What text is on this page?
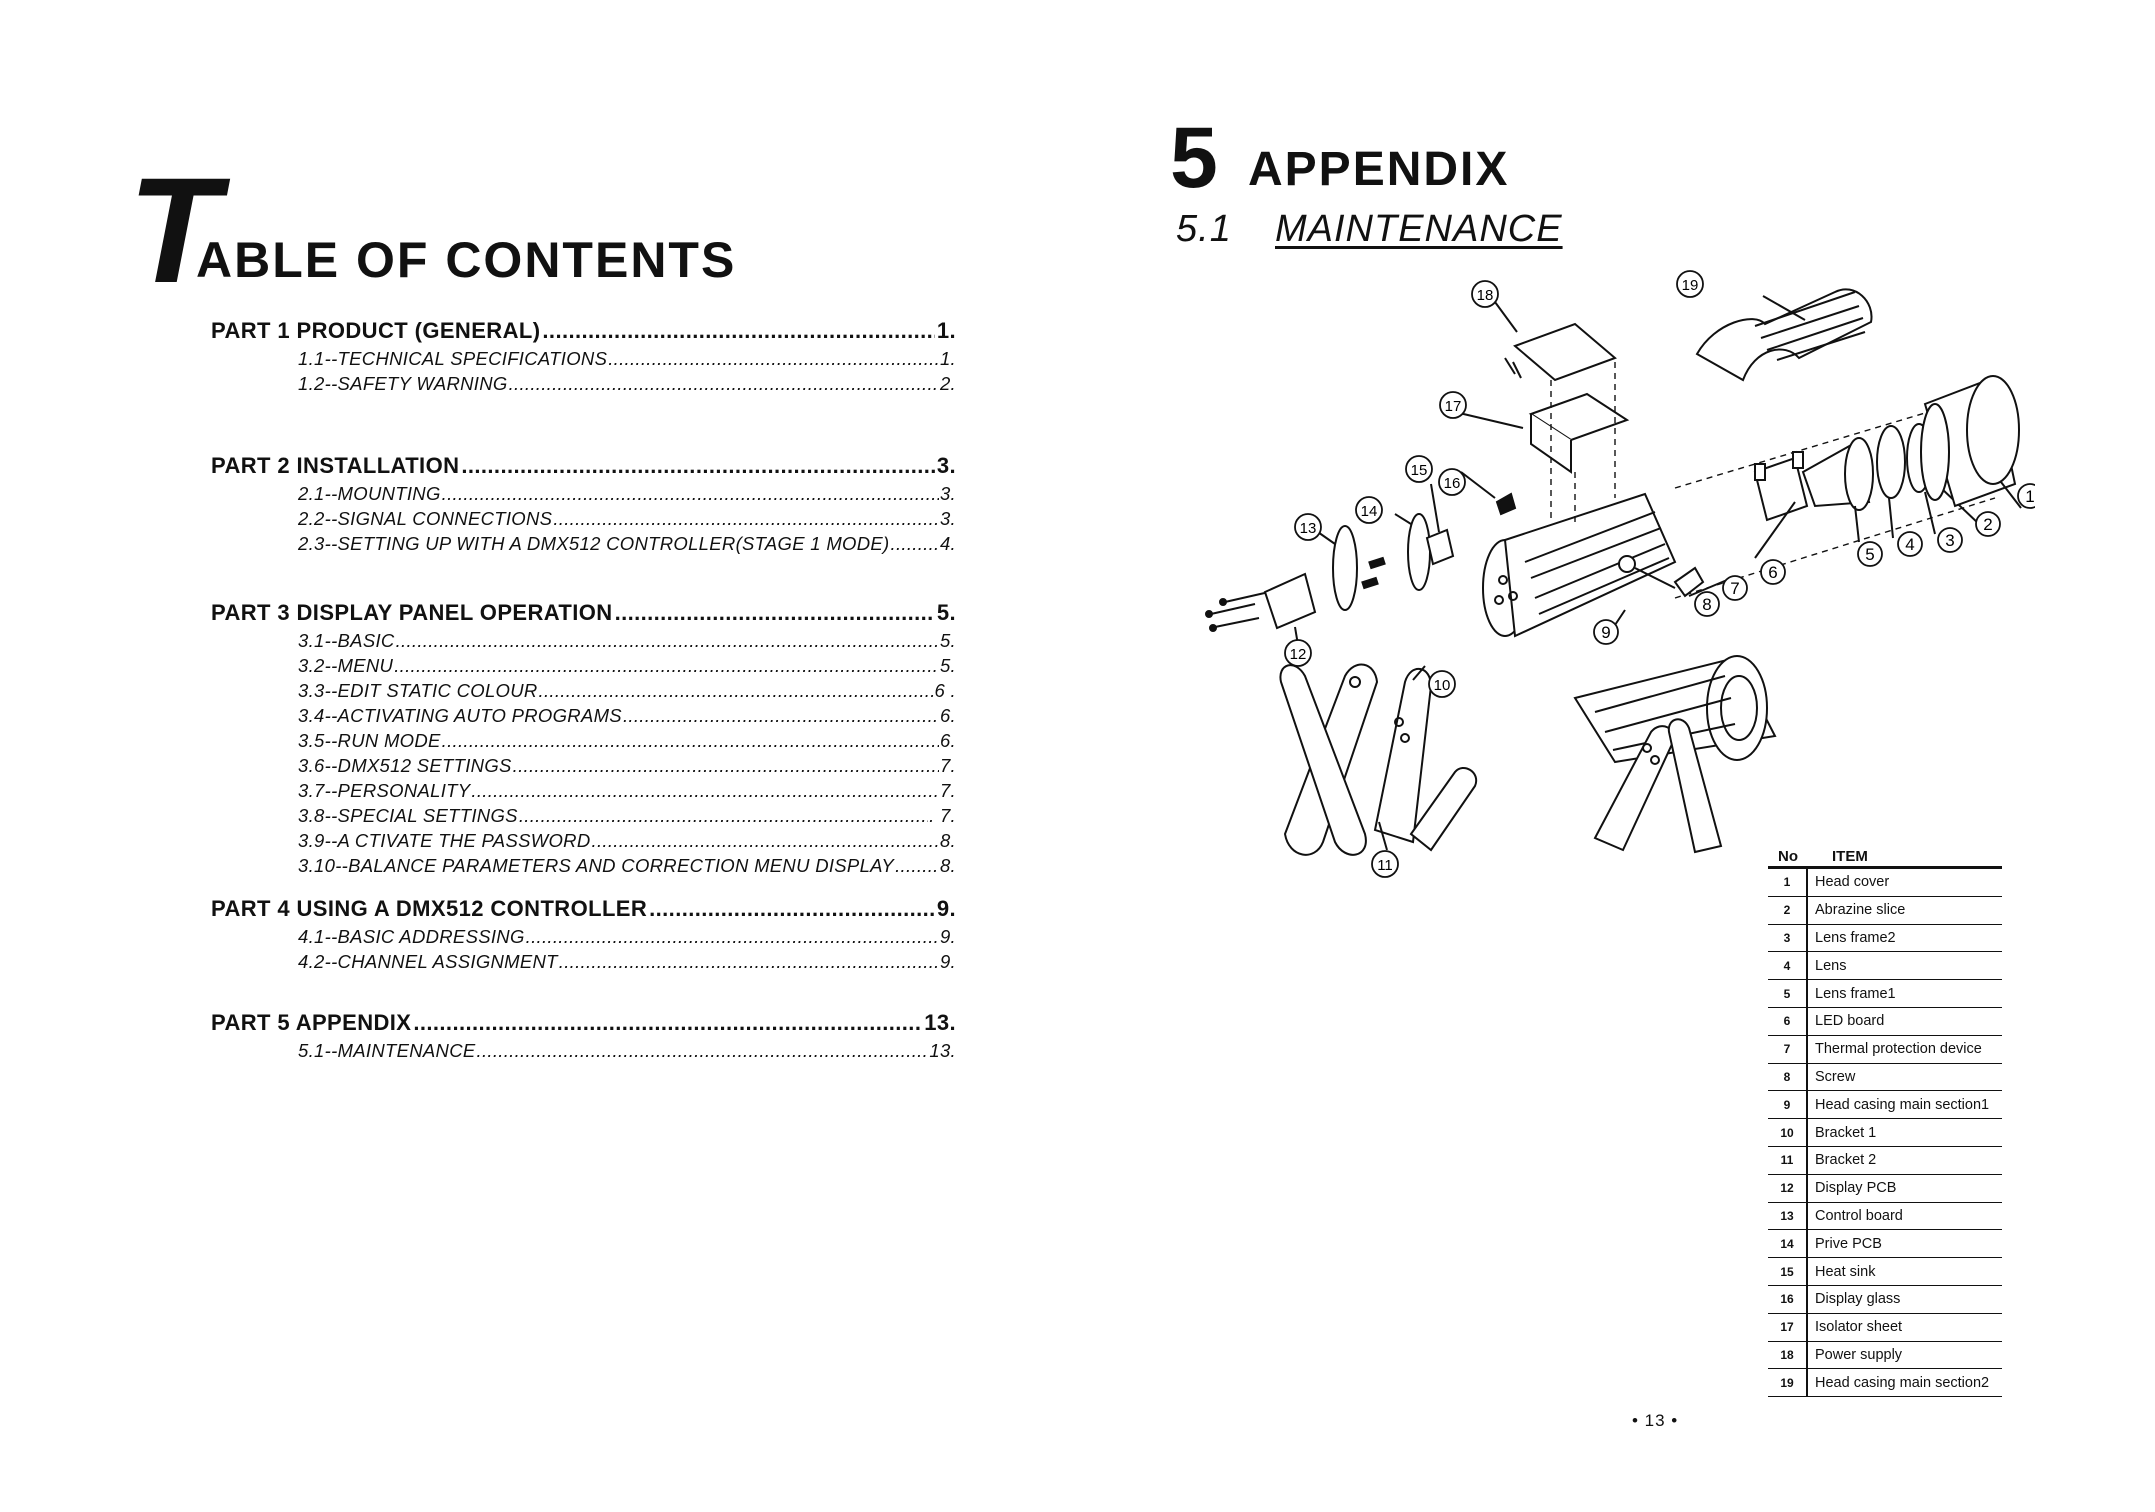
T
ABLE OF CONTENTS
PART 1 PRODUCT (GENERAL) .....	1.
1.1--TECHNICAL SPECIFICATIONS .....	1.
1.2--SAFETY WARNING .....	2.
PART 2 INSTALLATION .....	3.
2.1--MOUNTING .....	3.
2.2--SIGNAL CONNECTIONS .....	3.
2.3--SETTING UP WITH A DMX512 CONTROLLER(STAGE 1 MODE) .....	4.
PART 3 DISPLAY PANEL OPERATION .....	5.
3.1--BASIC .....	5.
3.2--MENU .....	5.
3.3--EDIT STATIC COLOUR .....	6 .
3.4--ACTIVATING AUTO PROGRAMS .....	6.
3.5--RUN MODE .....	6.
3.6--DMX512 SETTINGS .....	7.
3.7--PERSONALITY .....	7.
3.8--SPECIAL SETTINGS .....	. 7.
3.9--A CTIVATE THE PASSWORD .....	.8.
3.10--BALANCE PARAMETERS AND CORRECTION MENU DISPLAY ..... 8.
PART 4 USING A DMX512 CONTROLLER .....	9.
4.1--BASIC ADDRESSING .....	9.
4.2--CHANNEL ASSIGNMENT .....	9.
PART 5 APPENDIX .....	13.
5.1--MAINTENANCE .....	13.
5 APPENDIX
5.1 MAINTENANCE
1
2
3
4
5
6
7
8
9
10
11
12
13
14
15
16
17
18
19
No	ITEM
1	Head cover
2	Abrazine slice
3	Lens frame2
4	Lens
5	Lens frame1
6	LED board
7	Thermal protection device
8	Screw
9	Head casing main section1
10	Bracket 1
11	Bracket 2
12	Display PCB
13	Control board
14	Prive PCB
15	Heat sink
16	Display glass
17	Isolator sheet
18	Power supply
19	Head casing main section2
• 13 •
